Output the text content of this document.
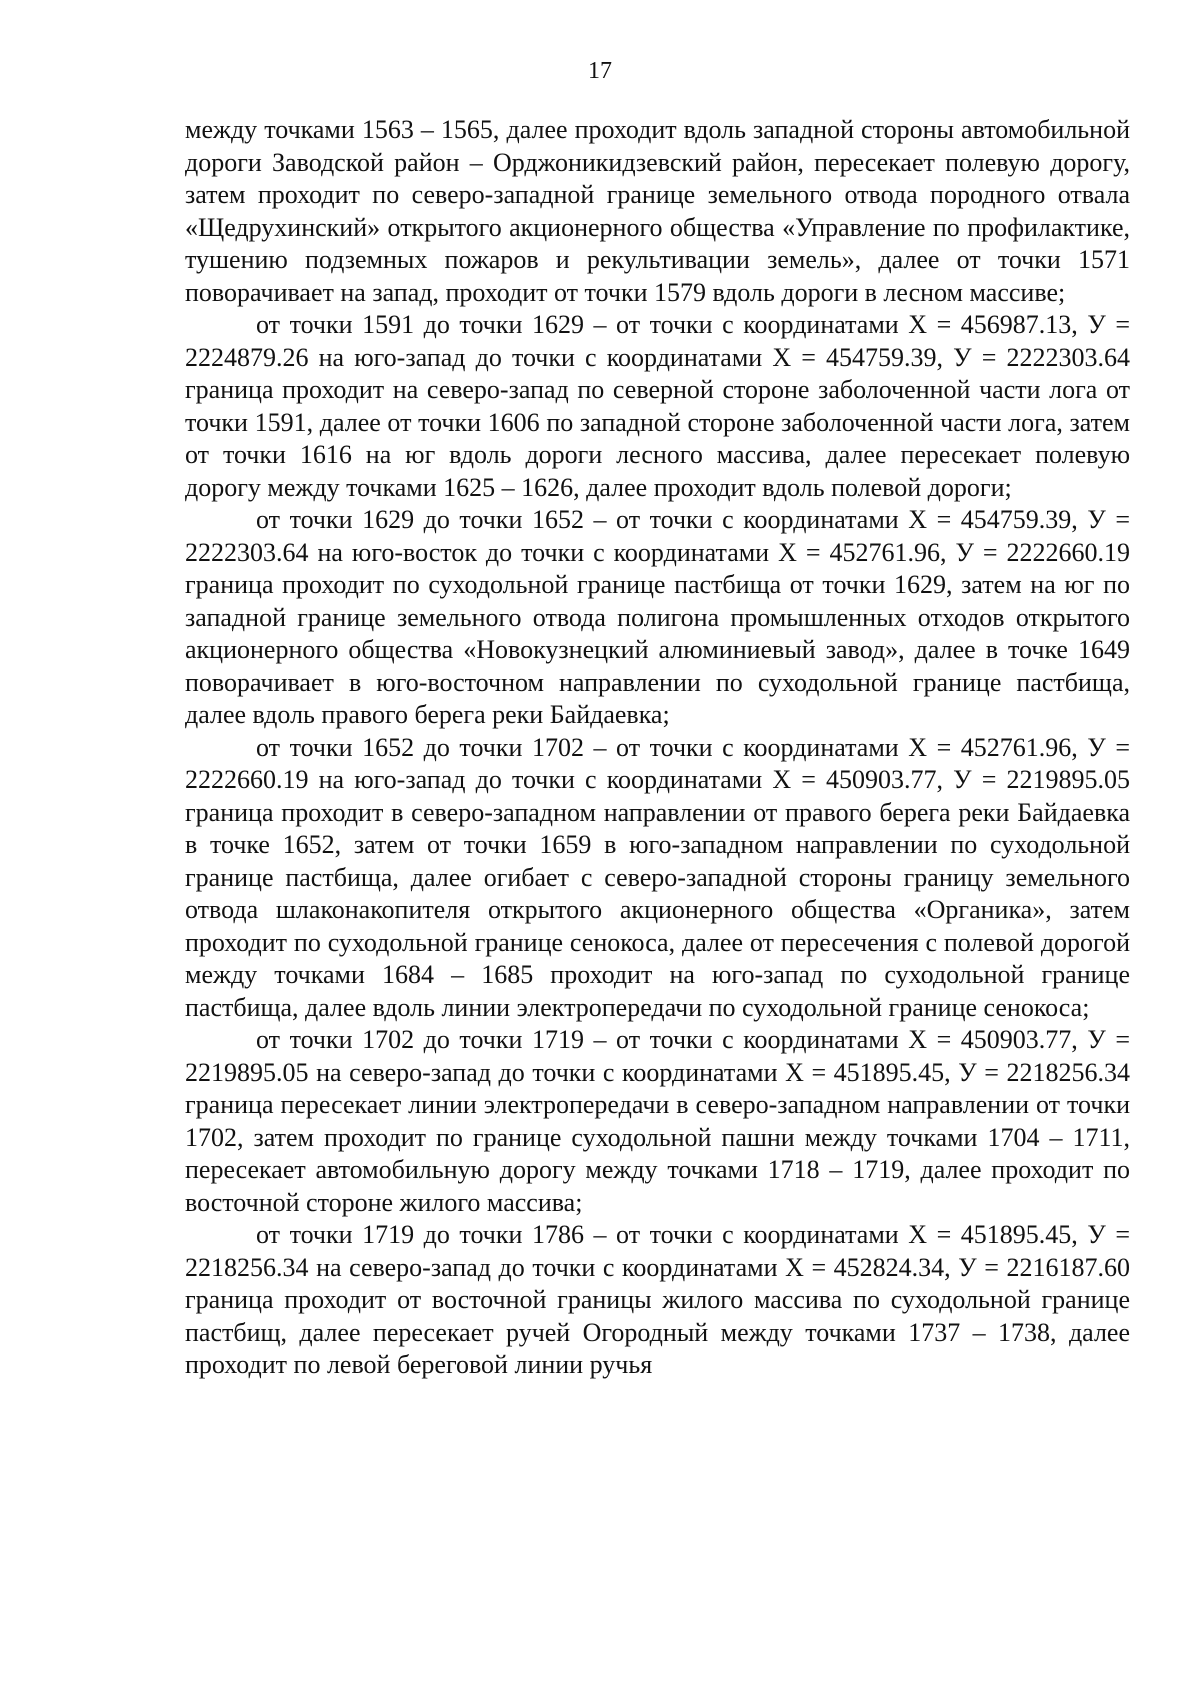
17

между точками 1563 – 1565, далее проходит вдоль западной стороны автомобильной дороги Заводской район – Орджоникидзевский район, пересекает полевую дорогу, затем проходит по северо-западной границе земельного отвода породного отвала «Щедрухинский» открытого акционерного общества «Управление по профилактике, тушению подземных пожаров и рекультивации земель», далее от точки 1571 поворачивает на запад, проходит от точки 1579 вдоль дороги в лесном массиве;

от точки 1591 до точки 1629 – от точки с координатами Х = 456987.13, У = 2224879.26 на юго-запад до точки с координатами Х = 454759.39, У = 2222303.64 граница проходит на северо-запад по северной стороне заболоченной части лога от точки 1591, далее от точки 1606 по западной стороне заболоченной части лога, затем от точки 1616 на юг вдоль дороги лесного массива, далее пересекает полевую дорогу между точками 1625 – 1626, далее проходит вдоль полевой дороги;

от точки 1629 до точки 1652 – от точки с координатами Х = 454759.39, У = 2222303.64 на юго-восток до точки с координатами Х = 452761.96, У = 2222660.19 граница проходит по суходольной границе пастбища от точки 1629, затем на юг по западной границе земельного отвода полигона промышленных отходов открытого акционерного общества «Новокузнецкий алюминиевый завод», далее в точке 1649 поворачивает в юго-восточном направлении по суходольной границе пастбища, далее вдоль правого берега реки Байдаевка;

от точки 1652 до точки 1702 – от точки с координатами Х = 452761.96, У = 2222660.19 на юго-запад до точки с координатами Х = 450903.77, У = 2219895.05 граница проходит в северо-западном направлении от правого берега реки Байдаевка в точке 1652, затем от точки 1659 в юго-западном направлении по суходольной границе пастбища, далее огибает с северо-западной стороны границу земельного отвода шлаконакопителя открытого акционерного общества «Органика», затем проходит по суходольной границе сенокоса, далее от пересечения с полевой дорогой между точками 1684 – 1685 проходит на юго-запад по суходольной границе пастбища, далее вдоль линии электропередачи по суходольной границе сенокоса;

от точки 1702 до точки 1719 – от точки с координатами Х = 450903.77, У = 2219895.05 на северо-запад до точки с координатами Х = 451895.45, У = 2218256.34 граница пересекает линии электропередачи в северо-западном направлении от точки 1702, затем проходит по границе суходольной пашни между точками 1704 – 1711, пересекает автомобильную дорогу между точками 1718 – 1719, далее проходит по восточной стороне жилого массива;

от точки 1719 до точки 1786 – от точки с координатами Х = 451895.45, У = 2218256.34 на северо-запад до точки с координатами Х = 452824.34, У = 2216187.60 граница проходит от восточной границы жилого массива по суходольной границе пастбищ, далее пересекает ручей Огородный между точками 1737 – 1738, далее проходит по левой береговой линии ручья
